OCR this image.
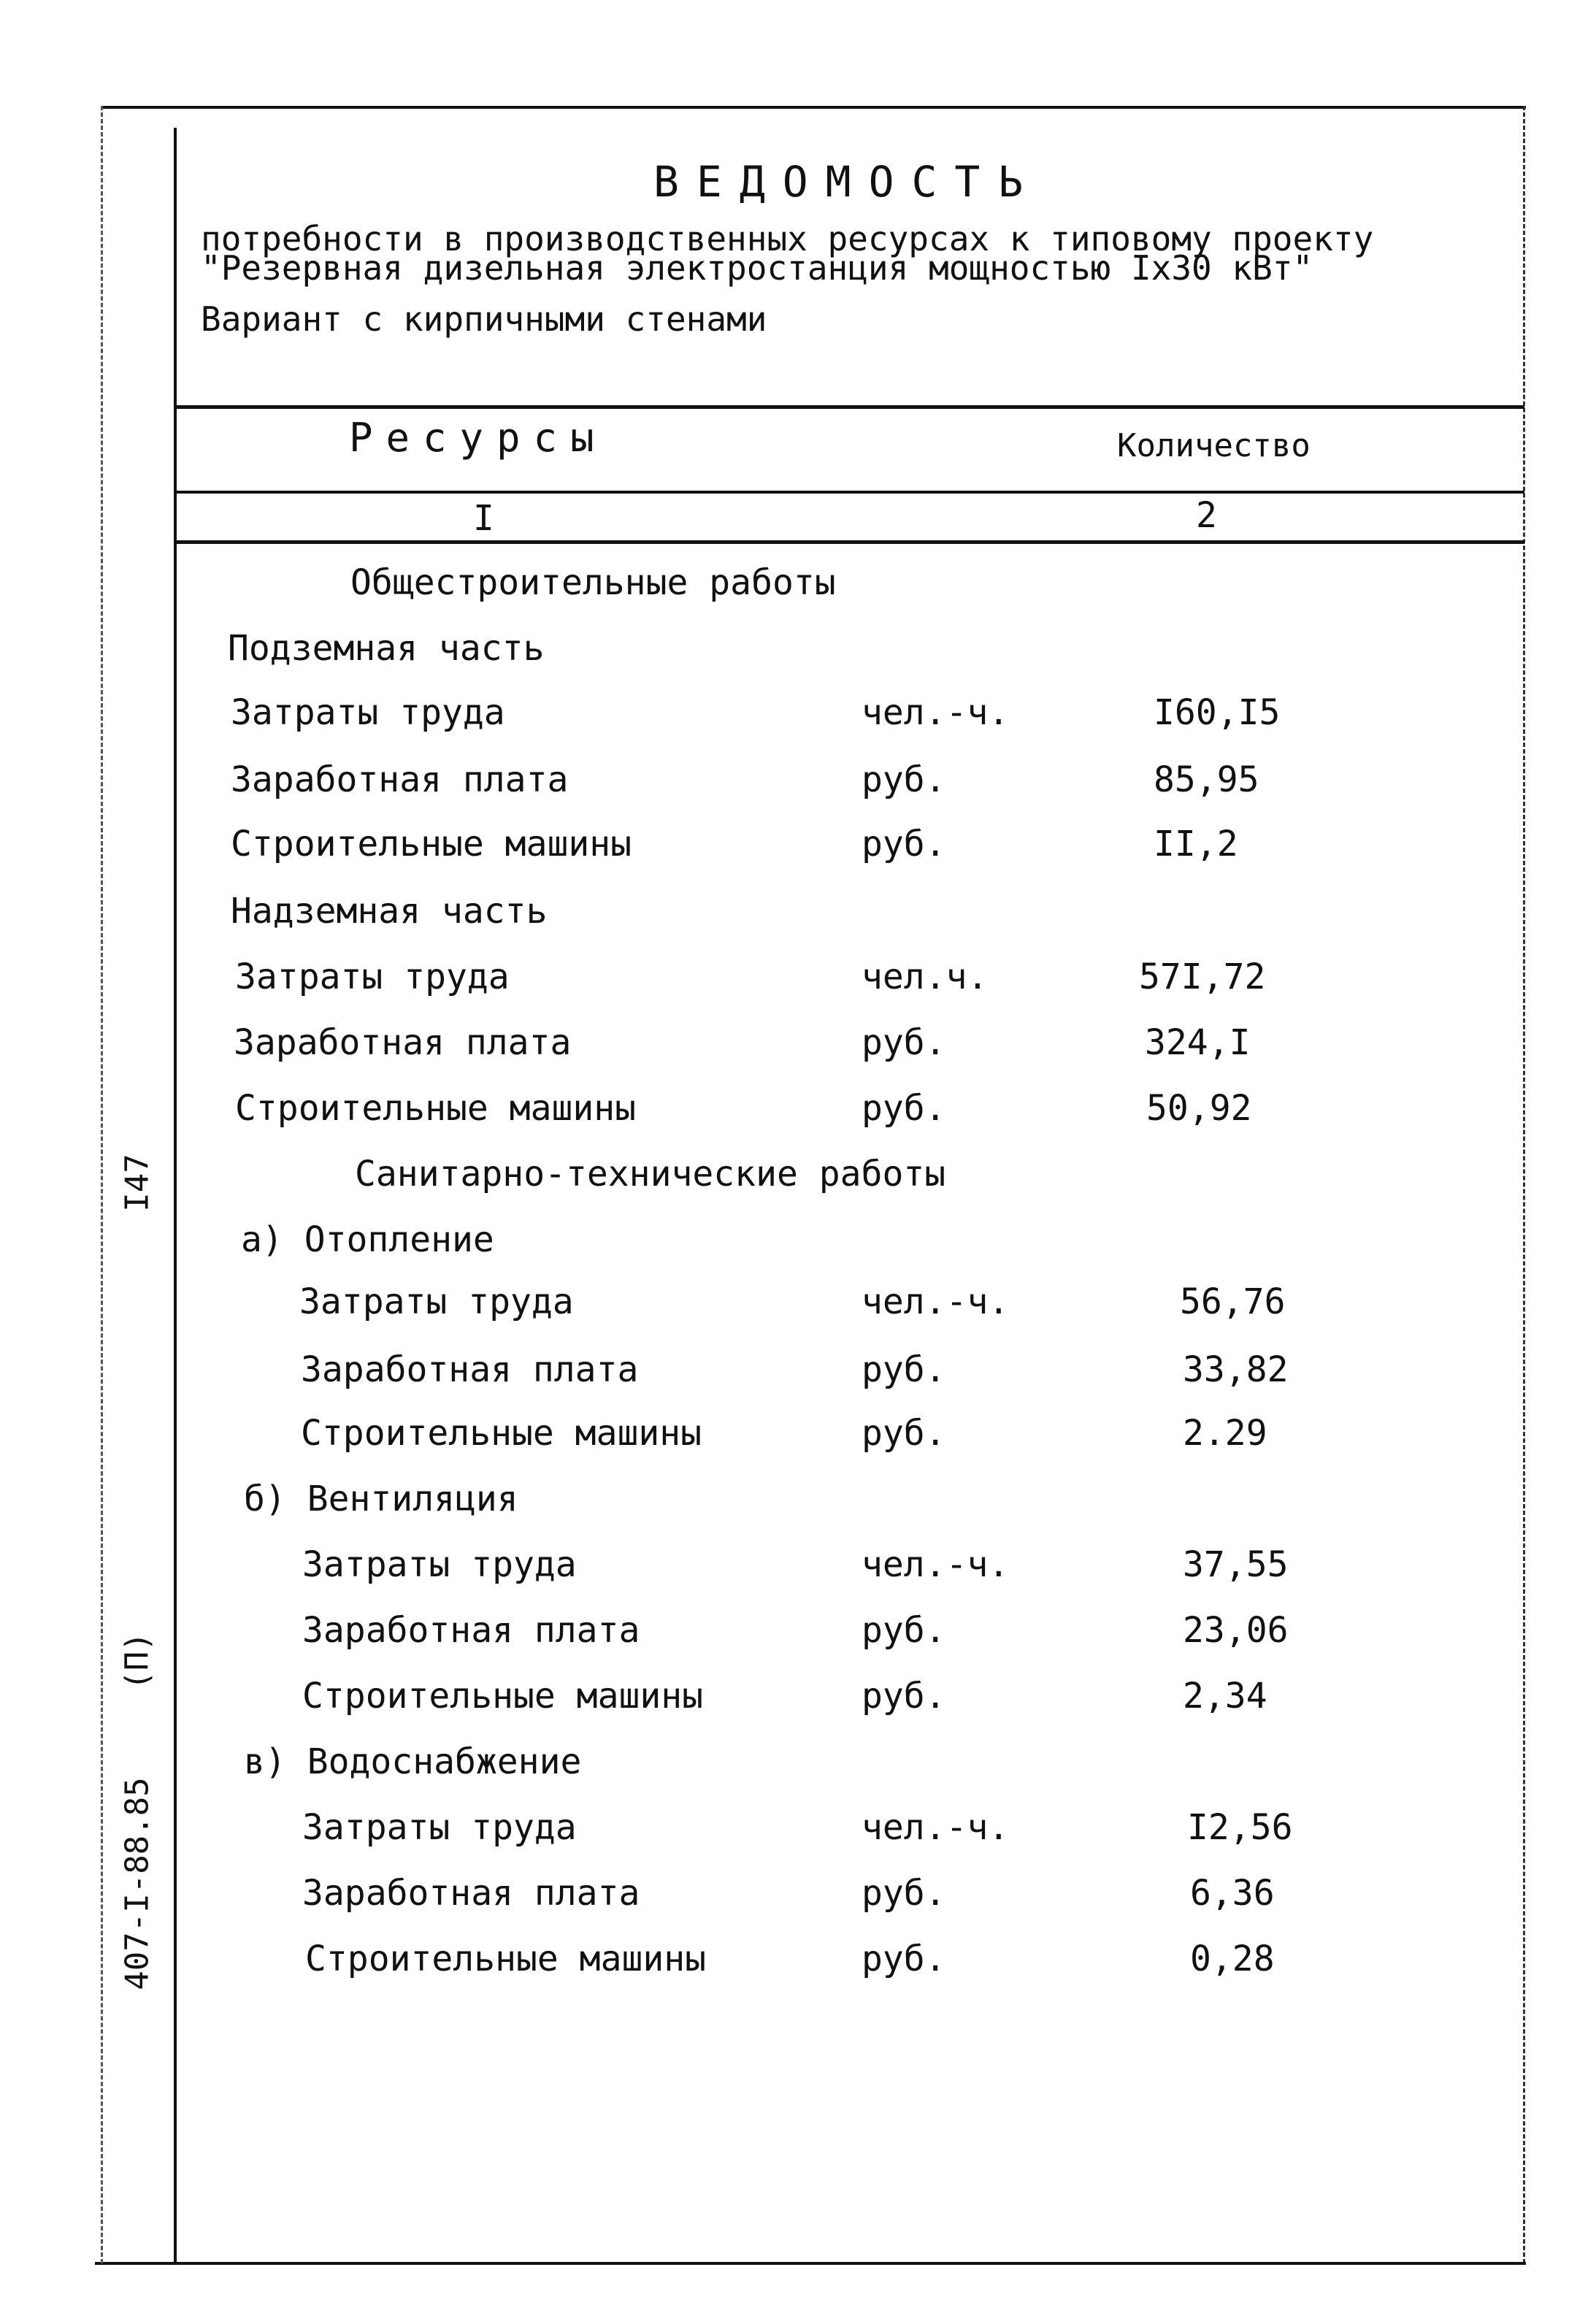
ВЕДОМОСТЬ
потребности в производственных ресурсах к типовому проекту
"Резервная дизельная электростанция мощностью Iх30 кВт"
Вариант с кирпичными стенами
Ресурсы	Количество
I	2
Общестроительные работы
Подземная часть
Затраты труда	чел.-ч.	I60,I5
Заработная плата	руб.	85,95
Строительные машины	руб.	II,2
Надземная часть
Затраты труда	чел.ч.	57I,72
Заработная плата	руб.	324,I
Строительные машины	руб.	50,92
Санитарно-технические работы
а) Отопление
Затраты труда	чел.-ч.	56,76
Заработная плата	руб.	33,82
Строительные машины	руб.	2.29
б) Вентиляция
Затраты труда	чел.-ч.	37,55
Заработная плата	руб.	23,06
Строительные машины	руб.	2,34
в) Водоснабжение
Затраты труда	чел.-ч.	I2,56
Заработная плата	руб.	6,36
Строительные машины	руб.	0,28
I47
(П)
407-I-88.85
